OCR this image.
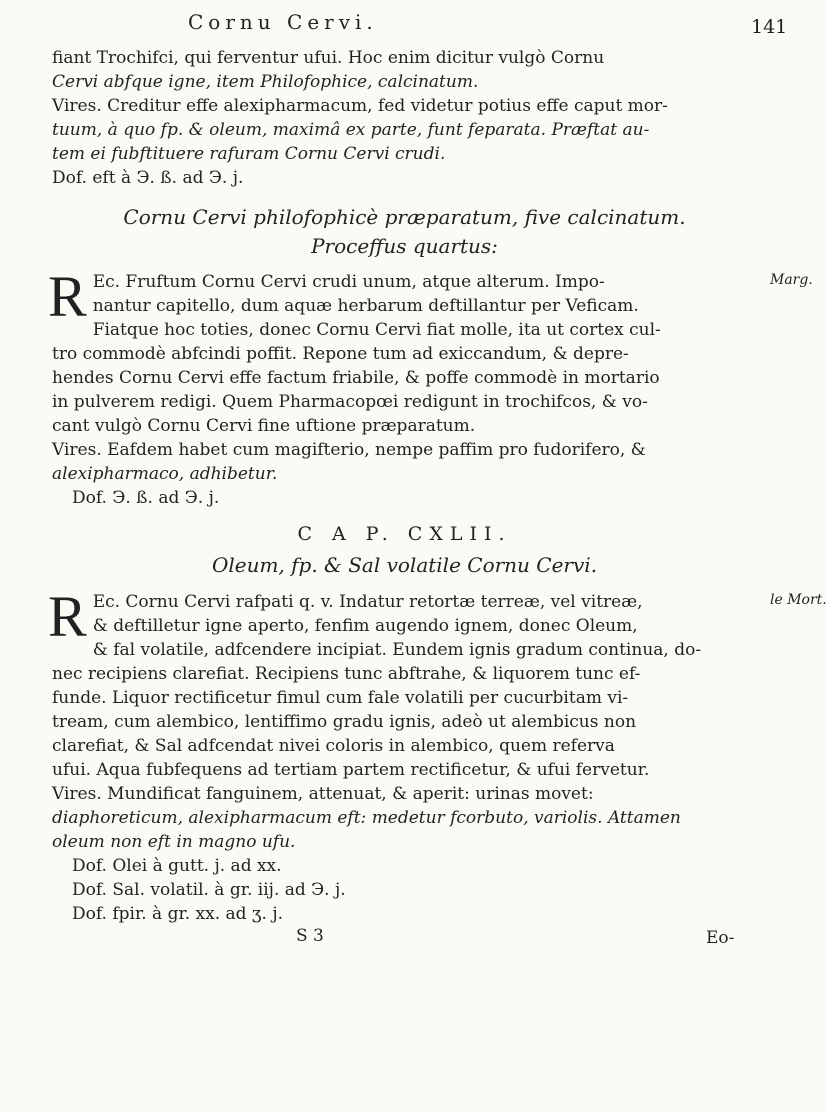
Cornu Cervi.	141

fiant Trochifci, qui ferventur ufui. Hoc enim dicitur vulgò Cornu

Cervi abfque igne, item Philofophice, calcinatum.

Vires. Creditur effe alexipharmacum, fed videtur potius effe caput mor-

tuum, à quo fp. & oleum, maximâ ex parte, funt feparata. Præftat au-

tem ei fubftituere rafuram Cornu Cervi crudi.

Dof. eft à Э. ß. ad Э. j.

Cornu Cervi philofophicè præparatum, five calcinatum.
Proceffus quartus:
Marg.
R Ec. Fruftum Cornu Cervi crudi unum, atque alterum. Impo-

nantur capitello, dum aquæ herbarum deftillantur per Veficam.

Fiatque hoc toties, donec Cornu Cervi fiat molle, ita ut cortex cul-

tro commodè abfcindi poffit. Repone tum ad exiccandum, & depre-

hendes Cornu Cervi effe factum friabile, & poffe commodè in mortario

in pulverem redigi. Quem Pharmacopœi redigunt in trochifcos, & vo-

cant vulgò Cornu Cervi fine uftione præparatum.

Vires. Eafdem habet cum magifterio, nempe paffim pro fudorifero, &

alexipharmaco, adhibetur.

Dof. Э. ß. ad Э. j.

C A P. CXLII.
Oleum, fp. & Sal volatile Cornu Cervi.
le Mort.
R Ec. Cornu Cervi rafpati q. v. Indatur retortæ terreæ, vel vitreæ,

& deftilletur igne aperto, fenfim augendo ignem, donec Oleum,

& fal volatile, adfcendere incipiat. Eundem ignis gradum continua, do-

nec recipiens clarefiat. Recipiens tunc abftrahe, & liquorem tunc ef-

funde. Liquor rectificetur fimul cum fale volatili per cucurbitam vi-

tream, cum alembico, lentiffimo gradu ignis, adeò ut alembicus non

clarefiat, & Sal adfcendat nivei coloris in alembico, quem referva

ufui. Aqua fubfequens ad tertiam partem rectificetur, & ufui fervetur.

Vires. Mundificat fanguinem, attenuat, & aperit: urinas movet:

diaphoreticum, alexipharmacum eft: medetur fcorbuto, variolis. Attamen

oleum non eft in magno ufu.

Dof. Olei à gutt. j. ad xx.

Dof. Sal. volatil. à gr. iij. ad Э. j.

Dof. fpir. à gr. xx. ad ʒ. j.

S 3	Eo-
